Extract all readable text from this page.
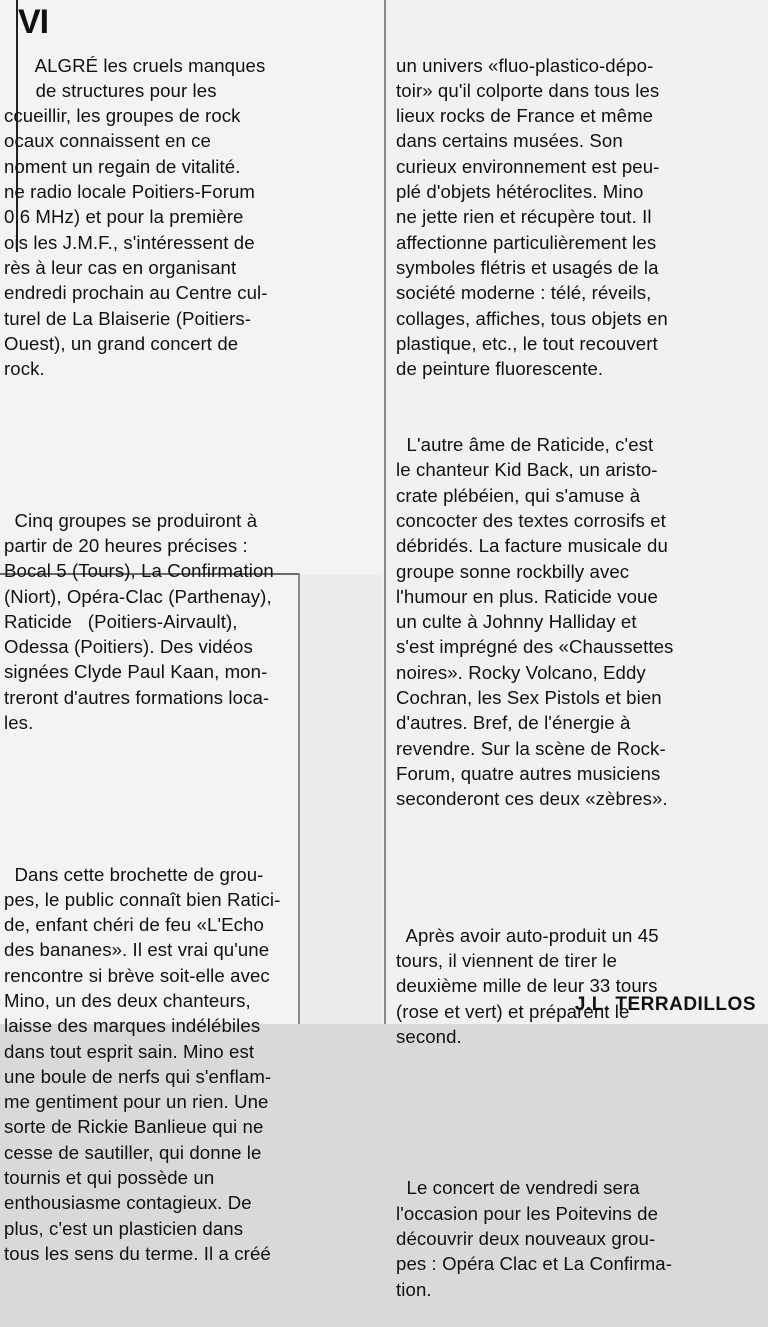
VI

ALGRÉ les cruels manques
de structures pour les
ccueillir, les groupes de rock
ocaux connaissent en ce
noment un regain de vitalité.
ne radio locale Poitiers-Forum
0,6 MHz) et pour la première
ois les J.M.F., s'intéressent de
rès à leur cas en organisant
endredi prochain au Centre cul-
turel de La Blaiserie (Poitiers-
Ouest), un grand concert de
rock.

Cinq groupes se produiront à
partir de 20 heures précises :
Bocal 5 (Tours), La Confirmation
(Niort), Opéra-Clac (Parthenay),
Raticide   (Poitiers-Airvault),
Odessa (Poitiers). Des vidéos
signées Clyde Paul Kaan, mon-
treront d'autres formations loca-
les.

Dans cette brochette de grou-
pes, le public connaît bien Ratici-
de, enfant chéri de feu «L'Echo
des bananes». Il est vrai qu'une
rencontre si brève soit-elle avec
Mino, un des deux chanteurs,
laisse des marques indélébiles
dans tout esprit sain. Mino est
une boule de nerfs qui s'enflam-
me gentiment pour un rien. Une
sorte de Rickie Banlieue qui ne
cesse de sautiller, qui donne le
tournis et qui possède un
enthousiasme contagieux. De
plus, c'est un plasticien dans
tous les sens du terme. Il a créé

un univers «fluo-plastico-dépo-
toir» qu'il colporte dans tous les
lieux rocks de France et même
dans certains musées. Son
curieux environnement est peu-
plé d'objets hétéroclites. Mino
ne jette rien et récupère tout. Il
affectionne particulièrement les
symboles flétris et usagés de la
société moderne : télé, réveils,
collages, affiches, tous objets en
plastique, etc., le tout recouvert
de peinture fluorescente.

L'autre âme de Raticide, c'est
le chanteur Kid Back, un aristo-
crate plébéien, qui s'amuse à
concocter des textes corrosifs et
débridés. La facture musicale du
groupe sonne rockbilly avec
l'humour en plus. Raticide voue
un culte à Johnny Halliday et
s'est imprégné des «Chaussettes
noires». Rocky Volcano, Eddy
Cochran, les Sex Pistols et bien
d'autres. Bref, de l'énergie à
revendre. Sur la scène de Rock-
Forum, quatre autres musiciens
seconderont ces deux «zèbres».

Après avoir auto-produit un 45
tours, il viennent de tirer le
deuxième mille de leur 33 tours
(rose et vert) et préparent le
second.

Le concert de vendredi sera
l'occasion pour les Poitevins de
découvrir deux nouveaux grou-
pes : Opéra Clac et La Confirma-
tion.

J.L. TERRADILLOS
